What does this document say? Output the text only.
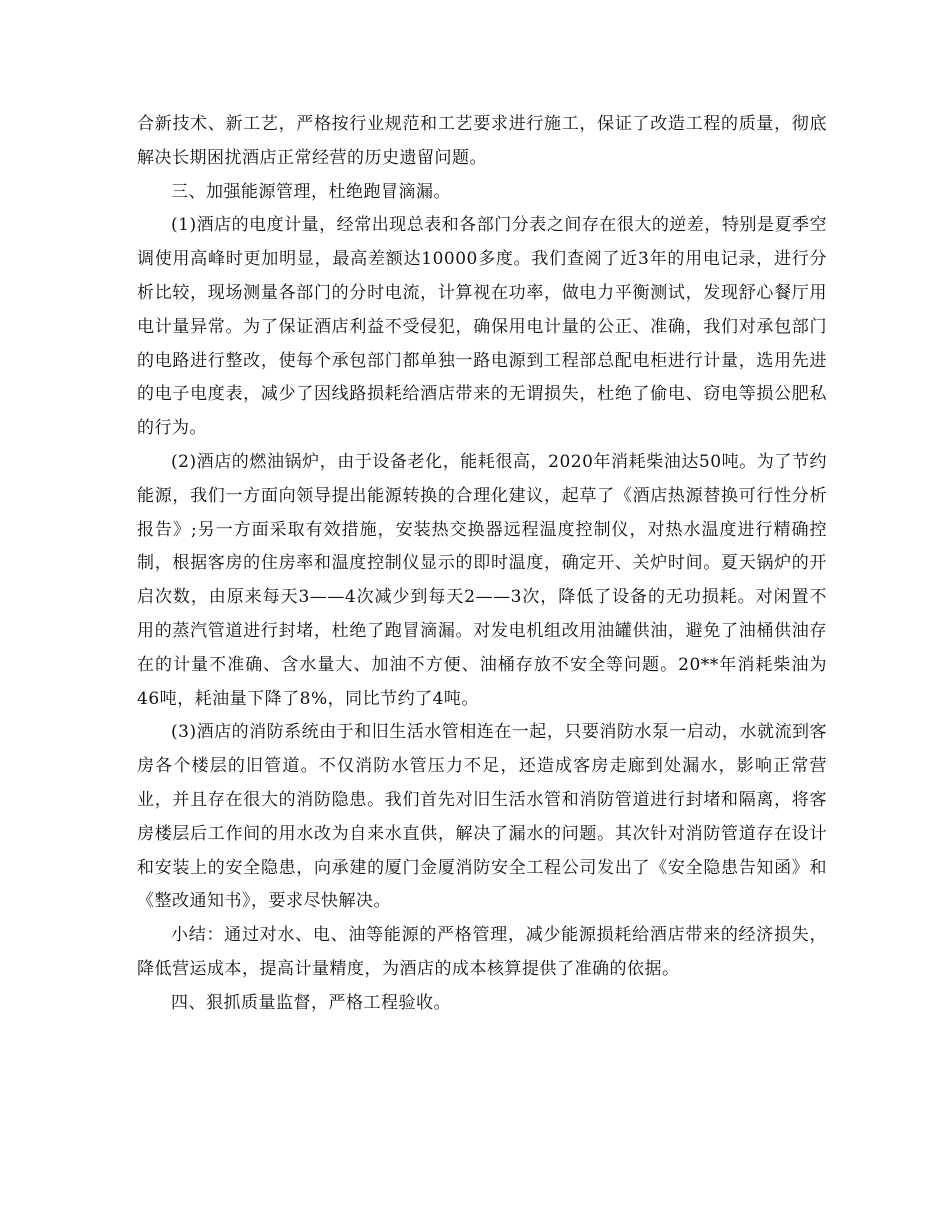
合新技术、新工艺，严格按行业规范和工艺要求进行施工，保证了改造工程的质量，彻底解决长期困扰酒店正常经营的历史遗留问题。

三、加强能源管理，杜绝跑冒滴漏。

(1)酒店的电度计量，经常出现总表和各部门分表之间存在很大的逆差，特别是夏季空调使用高峰时更加明显，最高差额达10000多度。我们查阅了近3年的用电记录，进行分析比较，现场测量各部门的分时电流，计算视在功率，做电力平衡测试，发现舒心餐厅用电计量异常。为了保证酒店利益不受侵犯，确保用电计量的公正、准确，我们对承包部门的电路进行整改，使每个承包部门都单独一路电源到工程部总配电柜进行计量，选用先进的电子电度表，减少了因线路损耗给酒店带来的无谓损失，杜绝了偷电、窃电等损公肥私的行为。

(2)酒店的燃油锅炉，由于设备老化，能耗很高，2020年消耗柴油达50吨。为了节约能源，我们一方面向领导提出能源转换的合理化建议，起草了《酒店热源替换可行性分析报告》;另一方面采取有效措施，安装热交换器远程温度控制仪，对热水温度进行精确控制，根据客房的住房率和温度控制仪显示的即时温度，确定开、关炉时间。夏天锅炉的开启次数，由原来每天3——4次减少到每天2——3次，降低了设备的无功损耗。对闲置不用的蒸汽管道进行封堵，杜绝了跑冒滴漏。对发电机组改用油罐供油，避免了油桶供油存在的计量不准确、含水量大、加油不方便、油桶存放不安全等问题。20**年消耗柴油为46吨，耗油量下降了8%，同比节约了4吨。

(3)酒店的消防系统由于和旧生活水管相连在一起，只要消防水泵一启动，水就流到客房各个楼层的旧管道。不仅消防水管压力不足，还造成客房走廊到处漏水，影响正常营业，并且存在很大的消防隐患。我们首先对旧生活水管和消防管道进行封堵和隔离，将客房楼层后工作间的用水改为自来水直供，解决了漏水的问题。其次针对消防管道存在设计和安装上的安全隐患，向承建的厦门金厦消防安全工程公司发出了《安全隐患告知函》和《整改通知书》，要求尽快解决。

小结：通过对水、电、油等能源的严格管理，减少能源损耗给酒店带来的经济损失，降低营运成本，提高计量精度，为酒店的成本核算提供了准确的依据。

四、狠抓质量监督，严格工程验收。
